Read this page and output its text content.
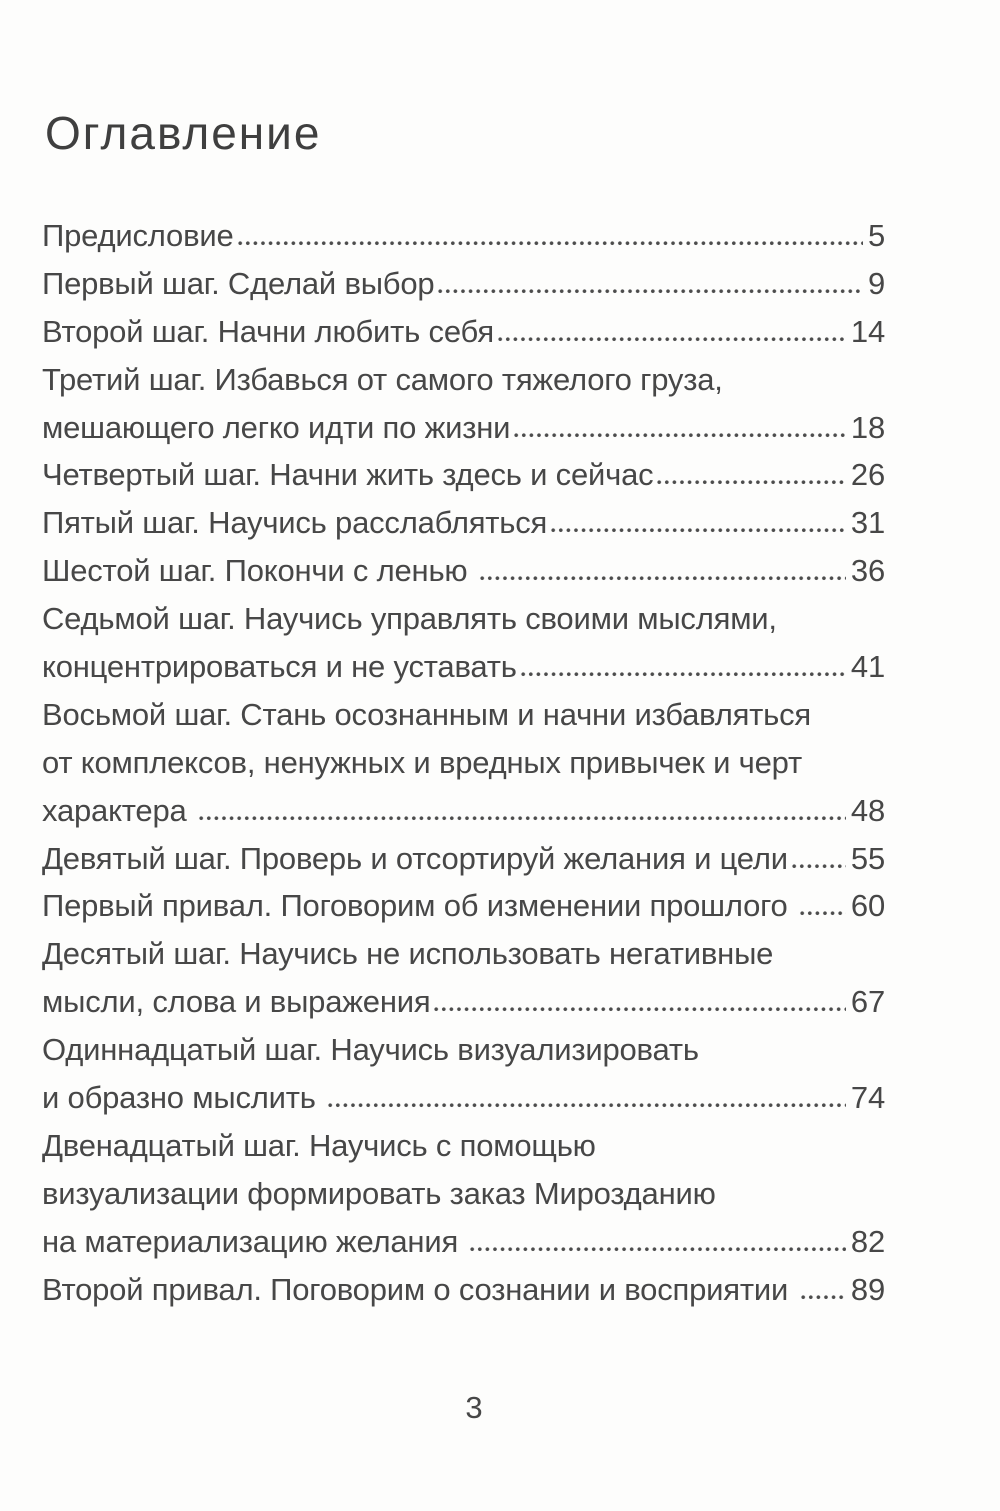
Оглавление
Предисловие	5
Первый шаг. Сделай выбор	9
Второй шаг. Начни любить себя	14
Третий шаг. Избавься от самого тяжелого груза,
мешающего легко идти по жизни	18
Четвертый шаг. Начни жить здесь и сейчас	26
Пятый шаг. Научись расслабляться	31
Шестой шаг. Покончи с ленью	36
Седьмой шаг. Научись управлять своими мыслями,
концентрироваться и не уставать	41
Восьмой шаг. Стань осознанным и начни избавляться
от комплексов, ненужных и вредных привычек и черт
характера	48
Девятый шаг. Проверь и отсортируй желания и цели 55
Первый привал. Поговорим об изменении прошлого 60
Десятый шаг. Научись не использовать негативные
мысли, слова и выражения	67
Одиннадцатый шаг. Научись визуализировать
и образно мыслить	74
Двенадцатый шаг. Научись с помощью
визуализации формировать заказ Мирозданию
на материализацию желания	82
Второй привал. Поговорим о сознании и восприятии 89
3
